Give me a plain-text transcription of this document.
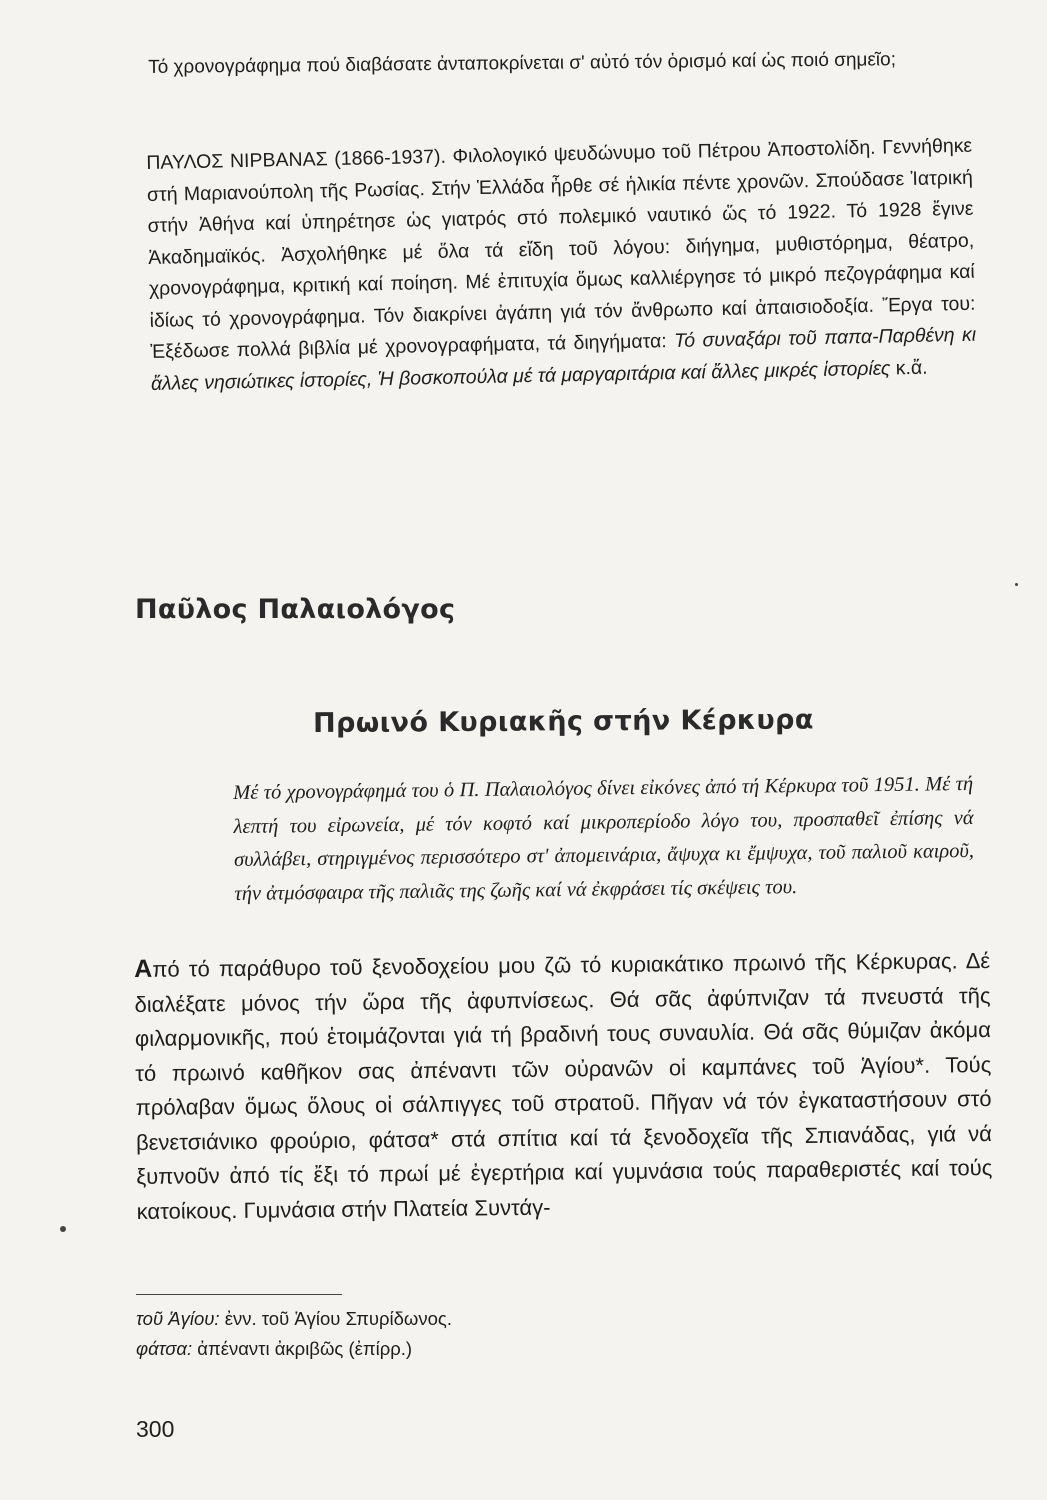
Τό χρονογράφημα πού διαβάσατε ἀνταποκρίνεται σ' αὐτό τόν ὁρισμό καί ὡς ποιό σημεῖο;

ΠΑΥΛΟΣ ΝΙΡΒΑΝΑΣ (1866-1937). Φιλολογικό ψευδώνυμο τοῦ Πέτρου Ἀποστολίδη. Γεννήθηκε στή Μαριανούπολη τῆς Ρωσίας. Στήν Ἑλλάδα ἦρθε σέ ἡλικία πέντε χρονῶν. Σπούδασε Ἰατρική στήν Ἀθήνα καί ὑπηρέτησε ὡς γιατρός στό πολεμικό ναυτικό ὥς τό 1922. Τό 1928 ἔγινε Ἀκαδημαϊκός. Ἀσχολήθηκε μέ ὅλα τά εἴδη τοῦ λόγου: διήγημα, μυθιστόρημα, θέατρο, χρονογράφημα, κριτική καί ποίηση. Μέ ἐπιτυχία ὅμως καλλιέργησε τό μικρό πεζογράφημα καί ἰδίως τό χρονογράφημα. Τόν διακρίνει ἀγάπη γιά τόν ἄνθρωπο καί ἀπαισιοδοξία. Ἔργα του: Ἐξέδωσε πολλά βιβλία μέ χρονογραφήματα, τά διηγήματα: Τό συναξάρι τοῦ παπα-Παρθένη κι ἄλλες νησιώτικες ἱστορίες, Ἡ βοσκοπούλα μέ τά μαργαριτάρια καί ἄλλες μικρές ἱστορίες κ.ἄ.

Παῦλος Παλαιολόγος
Πρωινό Κυριακῆς στήν Κέρκυρα

Μέ τό χρονογράφημά του ὁ Π. Παλαιολόγος δίνει εἰκόνες ἀπό τή Κέρκυρα τοῦ 1951. Μέ τή λεπτή του εἰρωνεία, μέ τόν κοφτό καί μικροπερίοδο λόγο του, προσπαθεῖ ἐπίσης νά συλλάβει, στηριγμένος περισσότερο στ' ἀπομεινάρια, ἄψυχα κι ἔμψυχα, τοῦ παλιοῦ καιροῦ, τήν ἀτμόσφαιρα τῆς παλιᾶς της ζωῆς καί νά ἐκφράσει τίς σκέψεις του.

Από τό παράθυρο τοῦ ξενοδοχείου μου ζῶ τό κυριακάτικο πρωινό τῆς Κέρκυρας. Δέ διαλέξατε μόνος τήν ὥρα τῆς ἀφυπνίσεως. Θά σᾶς ἀφύπνιζαν τά πνευστά τῆς φιλαρμονικῆς, πού ἑτοιμάζονται γιά τή βραδινή τους συναυλία. Θά σᾶς θύμιζαν ἀκόμα τό πρωινό καθῆκον σας ἀπέναντι τῶν οὐρανῶν οἱ καμπάνες τοῦ Ἁγίου*. Τούς πρόλαβαν ὅμως ὅλους οἱ σάλπιγγες τοῦ στρατοῦ. Πῆγαν νά τόν ἐγκαταστήσουν στό βενετσιάνικο φρούριο, φάτσα* στά σπίτια καί τά ξενοδοχεῖα τῆς Σπιανάδας, γιά νά ξυπνοῦν ἀπό τίς ἔξι τό πρωί μέ ἐγερτήρια καί γυμνάσια τούς παραθεριστές καί τούς κατοίκους. Γυμνάσια στήν Πλατεία Συντάγ-

τοῦ Ἁγίου: ἐνν. τοῦ Ἁγίου Σπυρίδωνος.
φάτσα: ἀπέναντι ἀκριβῶς (ἐπίρρ.)
300
